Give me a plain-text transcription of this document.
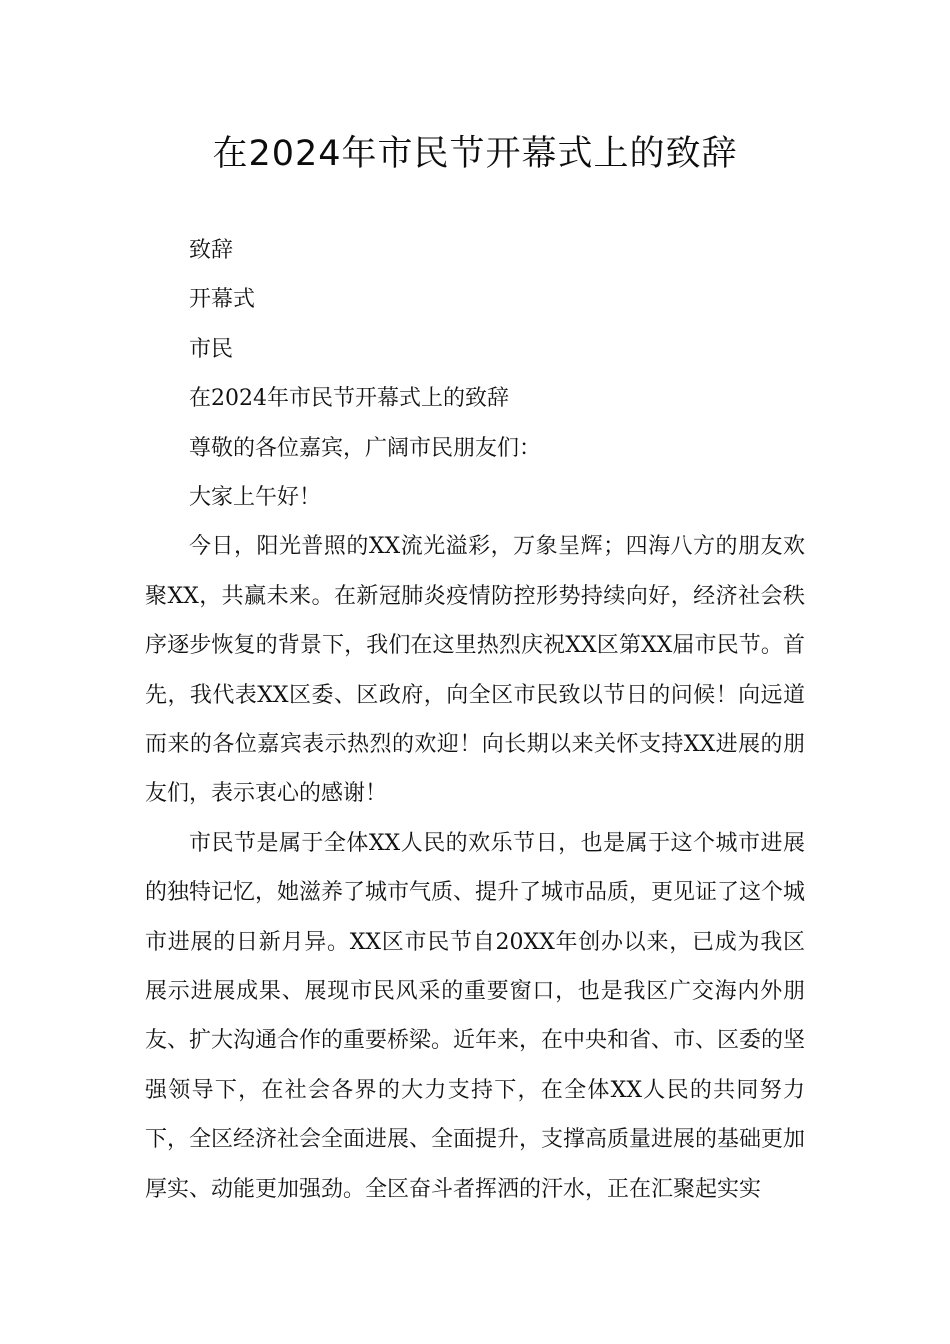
在2024年市民节开幕式上的致辞
致辞
开幕式
市民
在2024年市民节开幕式上的致辞
尊敬的各位嘉宾，广阔市民朋友们：
大家上午好！
今日，阳光普照的XX流光溢彩，万象呈辉；四海八方的朋友欢聚XX，共赢未来。在新冠肺炎疫情防控形势持续向好，经济社会秩序逐步恢复的背景下，我们在这里热烈庆祝XX区第XX届市民节。首先，我代表XX区委、区政府，向全区市民致以节日的问候！向远道而来的各位嘉宾表示热烈的欢迎！向长期以来关怀支持XX进展的朋友们，表示衷心的感谢！
市民节是属于全体XX人民的欢乐节日，也是属于这个城市进展的独特记忆，她滋养了城市气质、提升了城市品质，更见证了这个城市进展的日新月异。XX区市民节自20XX年创办以来，已成为我区展示进展成果、展现市民风采的重要窗口，也是我区广交海内外朋友、扩大沟通合作的重要桥梁。近年来，在中央和省、市、区委的坚强领导下，在社会各界的大力支持下，在全体XX人民的共同努力下，全区经济社会全面进展、全面提升，支撑高质量进展的基础更加厚实、动能更加强劲。全区奋斗者挥洒的汗水，正在汇聚起实实
